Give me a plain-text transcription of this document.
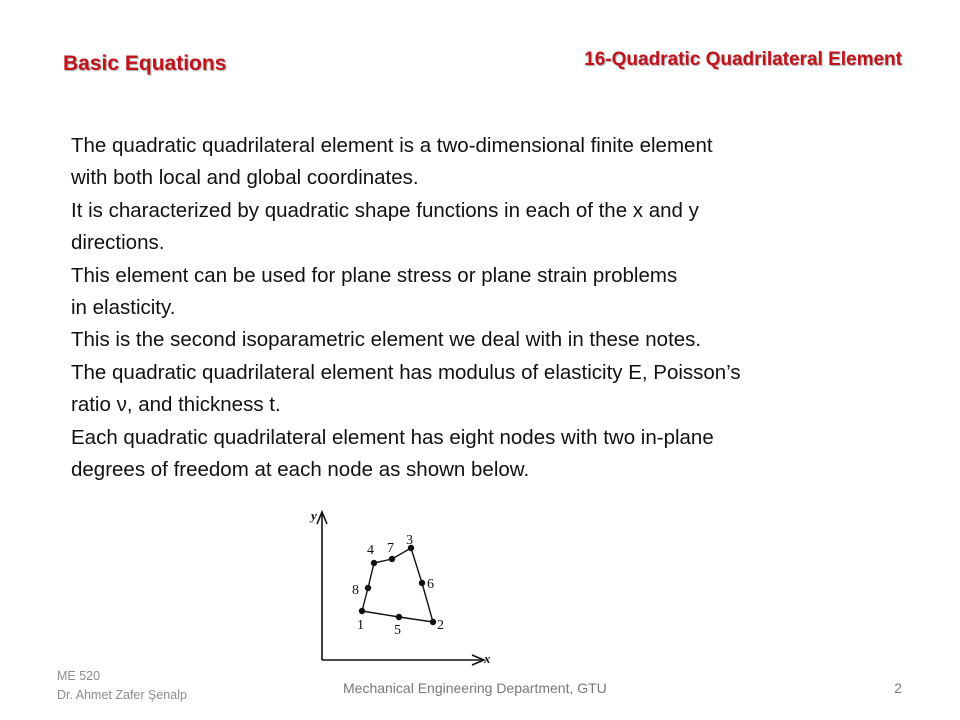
Basic Equations	16-Quadratic Quadrilateral Element
The quadratic quadrilateral element is a two-dimensional finite element
with both local and global coordinates.
It is characterized by quadratic shape functions in each of the x and y
directions.
This element can be used for plane stress or plane strain problems
in elasticity.
This is the second isoparametric element we deal with in these notes.
The quadratic quadrilateral element has modulus of elasticity E, Poisson’s
ratio ν, and thickness t.
Each quadratic quadrilateral element has eight nodes with two in-plane
degrees of freedom at each node as shown below.
y
x
1	2
3
4
5
6
7
8
ME 520
Dr. Ahmet Zafer Şenalp	Mechanical Engineering Department, GTU	2
